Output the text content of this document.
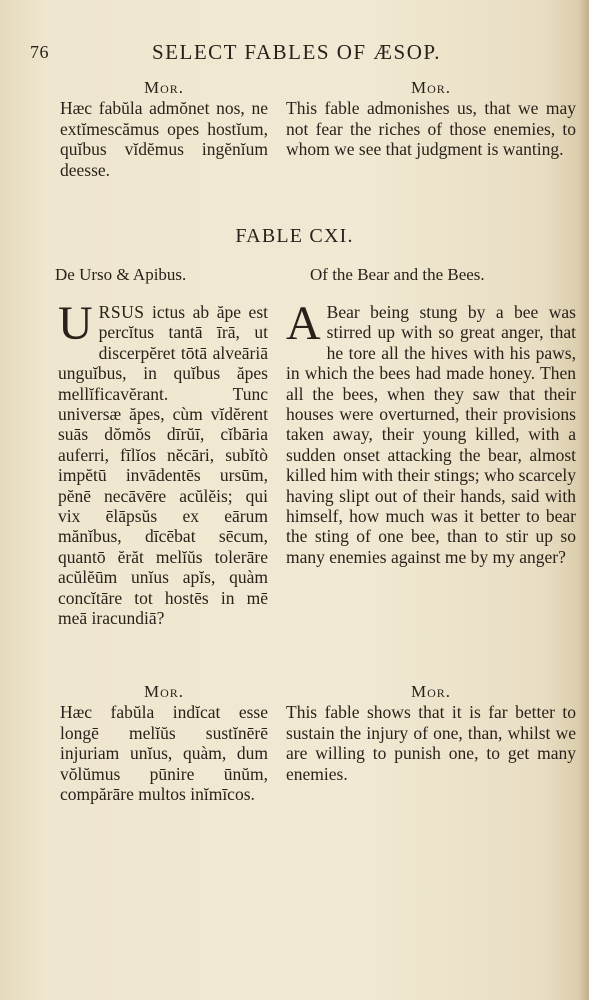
76	SELECT FABLES OF ÆSOP.
Mor.
Hæc fabŭla admŏnet nos, ne extĭmescămus opes hostĭum, quĭbus vĭdĕmus ingĕnĭum deesse.
Mor.
This fable admonishes us, that we may not fear the riches of those enemies, to whom we see that judgment is wanting.
FABLE CXI.
De Urso & Apibus.	Of the Bear and the Bees.
URSUS ictus ab ăpe est percĭtus tantā īrā, ut discerpĕret tōtā alveāriā unguĭbus, in quĭbus ăpes mellĭficavĕrant. Tunc universæ ăpes, cùm vĭdĕrent suās dŏmŏs dīrŭī, cĭbāria auferri, fīlĭos nĕcāri, subĭtò impĕtū invādentēs ursūm, pĕnē necāvēre acŭlĕis; qui vix ēlāpsŭs ex eārum mănĭbus, dīcēbat sēcum, quantō ĕrăt melĭŭs tolerāre acŭlĕūm unĭus apĭs, quàm concĭtāre tot hostēs in mē meā iracundiā?
A Bear being stung by a bee was stirred up with so great anger, that he tore all the hives with his paws, in which the bees had made honey. Then all the bees, when they saw that their houses were overturned, their provisions taken away, their young killed, with a sudden onset attacking the bear, almost killed him with their stings; who scarcely having slipt out of their hands, said with himself, how much was it better to bear the sting of one bee, than to stir up so many enemies against me by my anger?
Mor.
Hæc fabŭla indĭcat esse longē melĭŭs sustĭnērē injuriam unĭus, quàm, dum vŏlŭmus pūnire ūnŭm, compărāre multos inĭmīcos.
Mor.
This fable shows that it is far better to sustain the injury of one, than, whilst we are willing to punish one, to get many enemies.
